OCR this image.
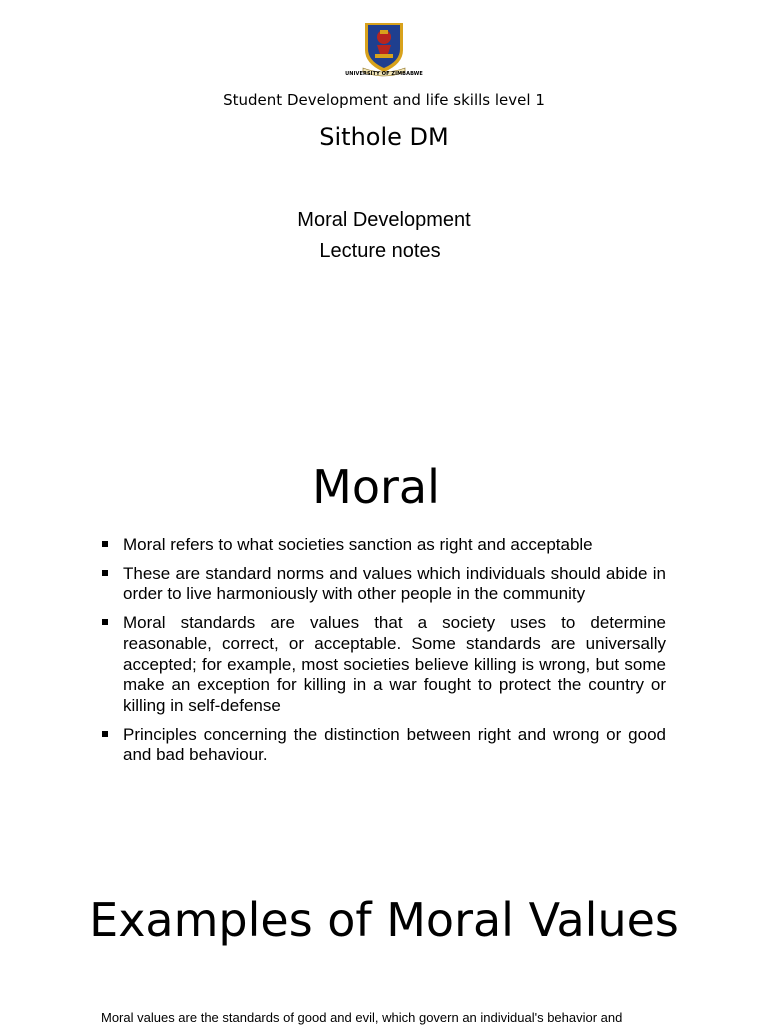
UNIVERSITY OF ZIMBABWE
Student Development and life skills level 1
Sithole DM
Moral Development
Lecture notes
Moral
Moral refers to what societies sanction as right and acceptable
These are standard norms and values which individuals should abide in order to live harmoniously with other people in the community
Moral standards are values that a society uses to determine reasonable, correct, or acceptable. Some standards are universally accepted; for example, most societies believe killing is wrong, but some make an exception for killing in a war fought to protect the country or killing in self-defense
Principles concerning the distinction between right and wrong or good and bad behaviour.
Examples of Moral Values
Moral values are the standards of good and evil, which govern an individual's behavior and
